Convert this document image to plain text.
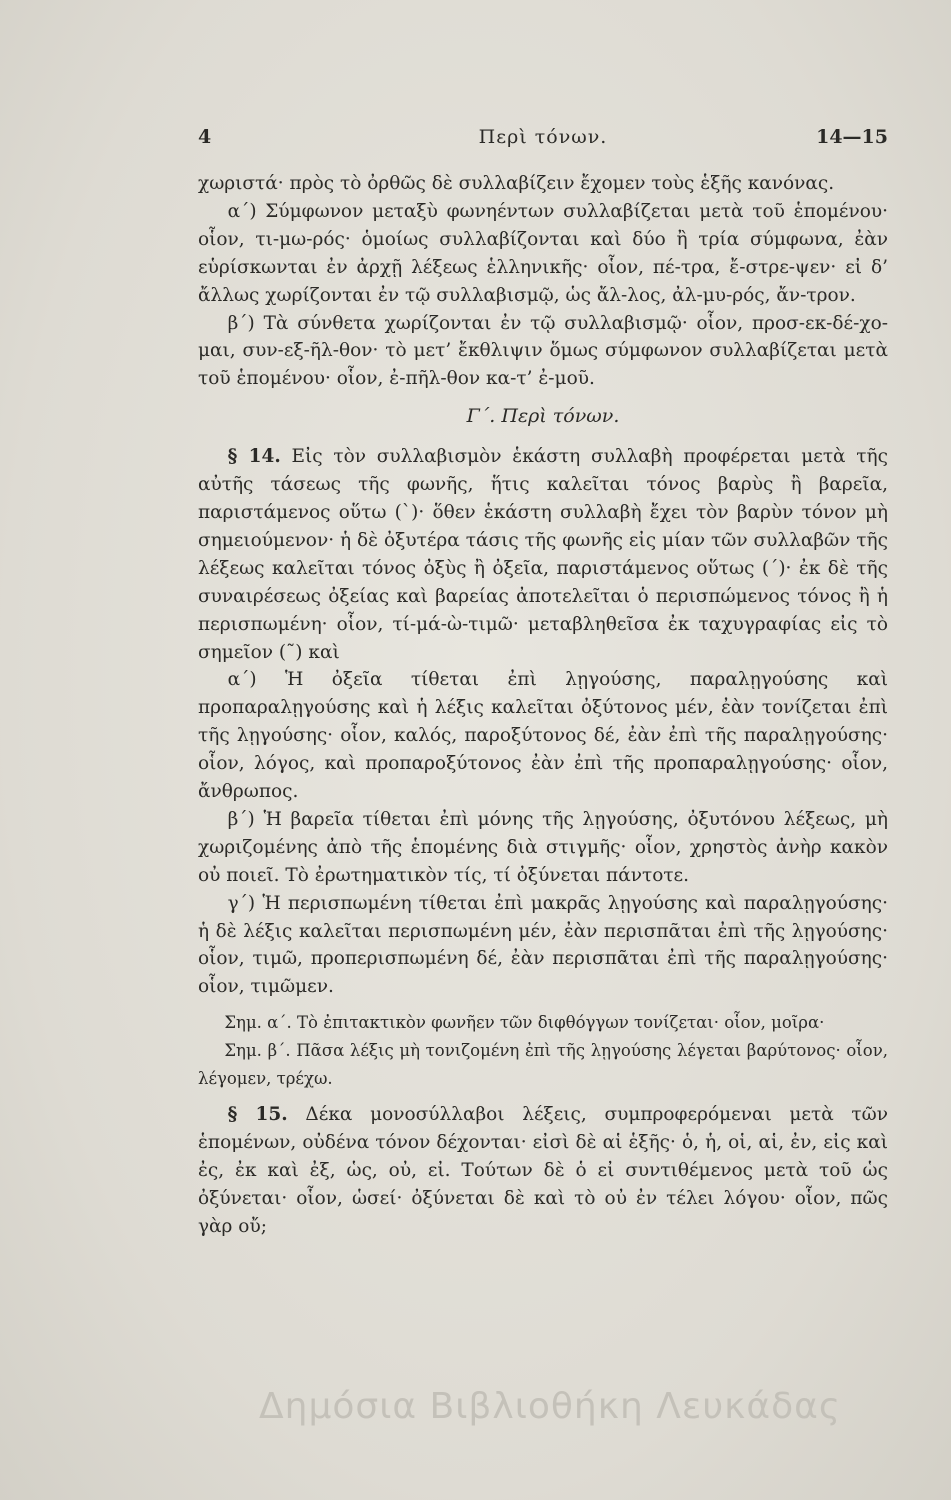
4	Περὶ τόνων.	14—15

χωριστά· πρὸς τὸ ὀρθῶς δὲ συλλαβίζειν ἔχομεν τοὺς ἑξῆς κανόνας.

α΄) Σύμφωνον μεταξὺ φωνηέντων συλλαβίζεται μετὰ τοῦ ἑπομένου· οἷον, τι-μω-ρός· ὁμοίως συλλαβίζονται καὶ δύο ἢ τρία σύμφωνα, ἐὰν εὑρίσκωνται ἐν ἀρχῇ λέξεως ἑλληνικῆς· οἷον, πέ-τρα, ἔ-στρε-ψεν· εἰ δ’ ἄλλως χωρίζονται ἐν τῷ συλλαβισμῷ, ὡς ἄλ-λος, ἀλ-μυ-ρός, ἄν-τρον.

β΄) Τὰ σύνθετα χωρίζονται ἐν τῷ συλλαβισμῷ· οἷον, προσ-εκ-δέ-χο-μαι, συν-εξ-ῆλ-θον· τὸ μετ’ ἔκθλιψιν ὅμως σύμφωνον συλλαβίζεται μετὰ τοῦ ἑπομένου· οἷον, ἐ-πῆλ-θον κα-τ’ ἐ-μοῦ.

Γ΄. Περὶ τόνων.

§ 14. Εἰς τὸν συλλαβισμὸν ἑκάστη συλλαβὴ προφέρεται μετὰ τῆς αὐτῆς τάσεως τῆς φωνῆς, ἥτις καλεῖται τόνος βαρὺς ἢ βαρεῖα, παριστάμενος οὕτω (`)· ὅθεν ἑκάστη συλλαβὴ ἔχει τὸν βαρὺν τόνον μὴ σημειούμενον· ἡ δὲ ὀξυτέρα τάσις τῆς φωνῆς εἰς μίαν τῶν συλλαβῶν τῆς λέξεως καλεῖται τόνος ὀξὺς ἢ ὀξεῖα, παριστάμενος οὕτως (΄)· ἐκ δὲ τῆς συναιρέσεως ὀξείας καὶ βαρείας ἀποτελεῖται ὁ περισπώμενος τόνος ἢ ἡ περισπωμένη· οἷον, τί-μά-ὼ-τιμῶ· μεταβληθεῖσα ἐκ ταχυγραφίας εἰς τὸ σημεῖον (῀) καὶ

α΄) Ἡ ὀξεῖα τίθεται ἐπὶ λῃγούσης, παραλῃγούσης καὶ προπαραλῃγούσης καὶ ἡ λέξις καλεῖται ὀξύτονος μέν, ἐὰν τονίζεται ἐπὶ τῆς λῃγούσης· οἷον, καλός, παροξύτονος δέ, ἐὰν ἐπὶ τῆς παραλῃγούσης· οἷον, λόγος, καὶ προπαροξύτονος ἐὰν ἐπὶ τῆς προπαραλῃγούσης· οἷον, ἄνθρωπος.

β΄) Ἡ βαρεῖα τίθεται ἐπὶ μόνης τῆς λῃγούσης, ὀξυτόνου λέξεως, μὴ χωριζομένης ἀπὸ τῆς ἑπομένης διὰ στιγμῆς· οἷον, χρηστὸς ἀνὴρ κακὸν οὐ ποιεῖ. Τὸ ἐρωτηματικὸν τίς, τί ὀξύνεται πάντοτε.

γ΄) Ἡ περισπωμένη τίθεται ἐπὶ μακρᾶς λῃγούσης καὶ παραλῃγούσης· ἡ δὲ λέξις καλεῖται περισπωμένη μέν, ἐὰν περισπᾶται ἐπὶ τῆς λῃγούσης· οἷον, τιμῶ, προπερισπωμένη δέ, ἐὰν περισπᾶται ἐπὶ τῆς παραλῃγούσης· οἷον, τιμῶμεν.

Σημ. α΄. Τὸ ἐπιτακτικὸν φωνῆεν τῶν διφθόγγων τονίζεται· οἷον, μοῖρα·

Σημ. β΄. Πᾶσα λέξις μὴ τονιζομένη ἐπὶ τῆς λῃγούσης λέγεται βαρύτονος· οἷον, λέγομεν, τρέχω.

§ 15. Δέκα μονοσύλλαβοι λέξεις, συμπροφερόμεναι μετὰ τῶν ἑπομένων, οὐδένα τόνον δέχονται· εἰσὶ δὲ αἱ ἑξῆς· ὁ, ἡ, οἱ, αἱ, ἐν, εἰς καὶ ἐς, ἐκ καὶ ἐξ, ὡς, οὐ, εἰ. Τούτων δὲ ὁ εἰ συντιθέμενος μετὰ τοῦ ὡς ὀξύνεται· οἷον, ὡσεί· ὀξύνεται δὲ καὶ τὸ οὐ ἐν τέλει λόγου· οἷον, πῶς γὰρ οὔ;

Δημόσια Βιβλιοθήκη Λευκάδας
